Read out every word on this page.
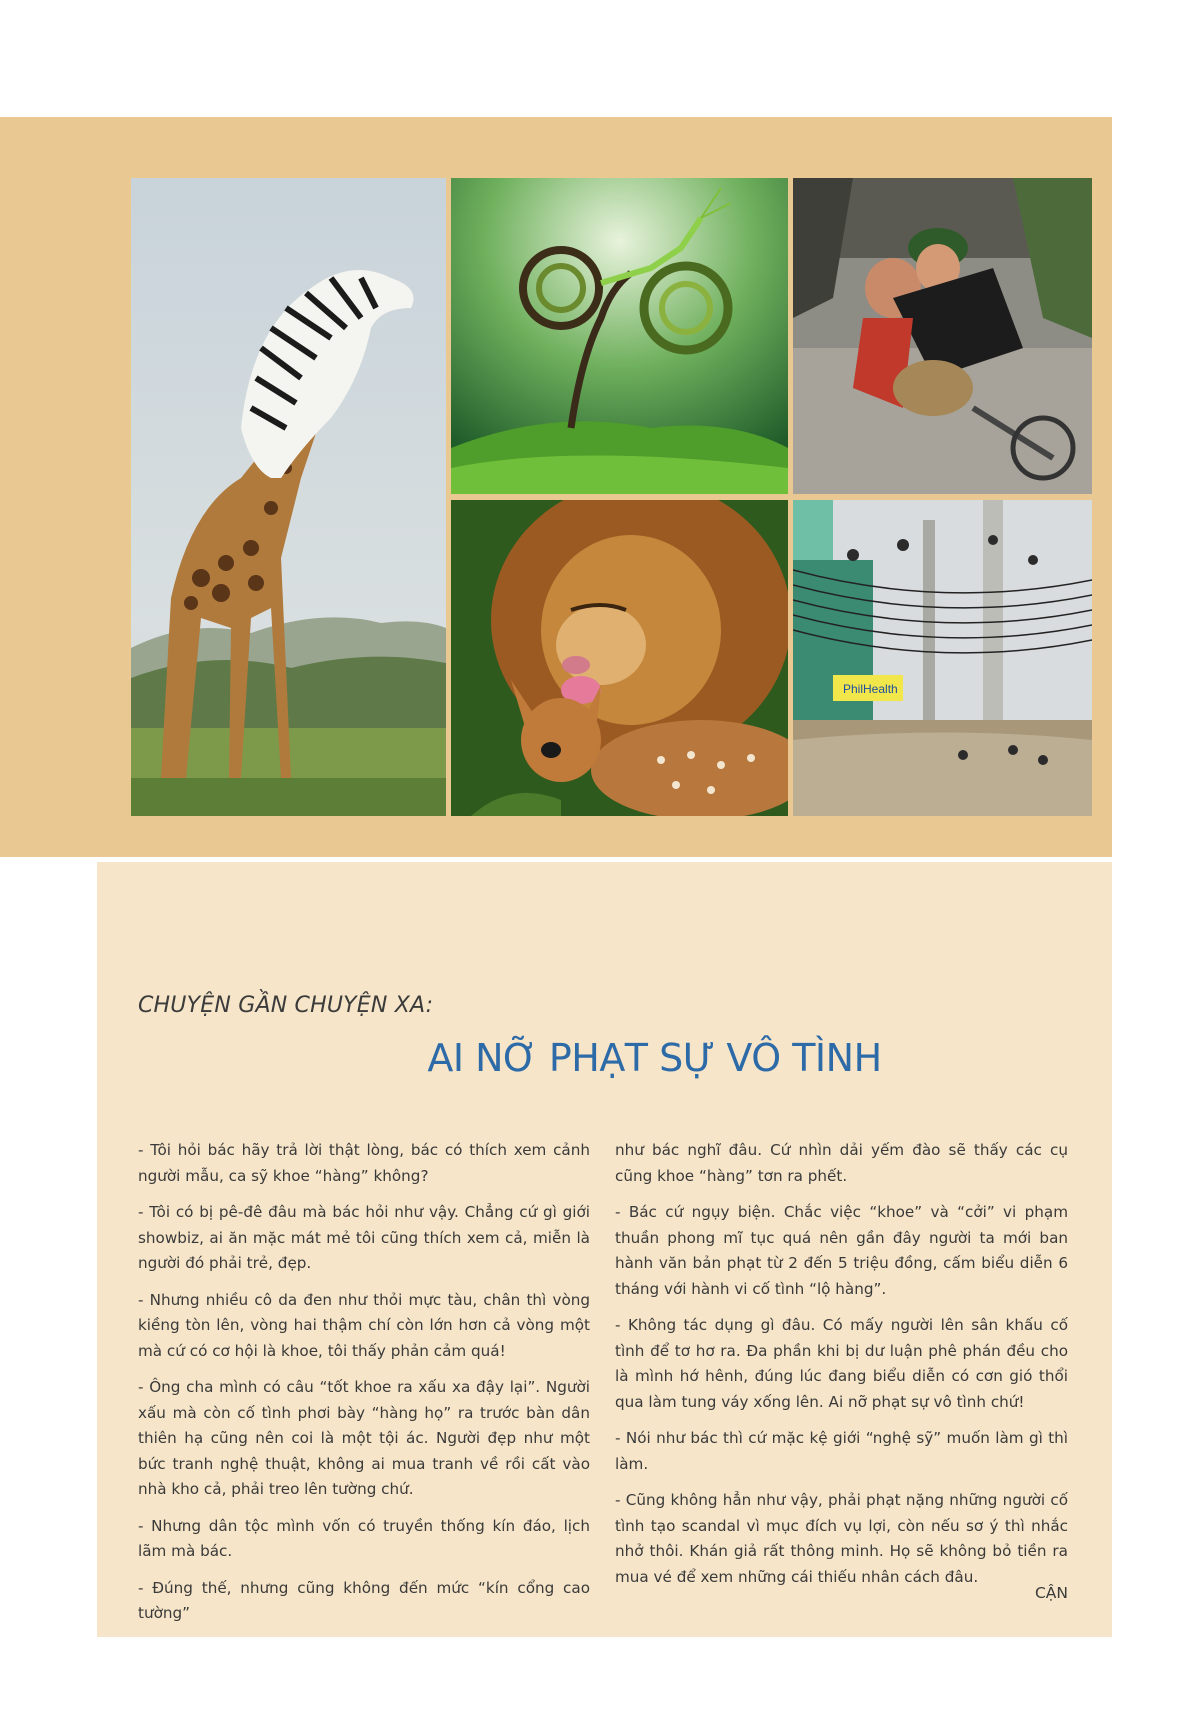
PhilHealth
CHUYỆN GẦN CHUYỆN XA:
AI NỠ PHẠT SỰ VÔ TÌNH

- Tôi hỏi bác hãy trả lời thật lòng, bác có thích xem cảnh người mẫu, ca sỹ khoe “hàng” không?

- Tôi có bị pê-đê đâu mà bác hỏi như vậy. Chẳng cứ gì giới showbiz, ai ăn mặc mát mẻ tôi cũng thích xem cả, miễn là người đó phải trẻ, đẹp.

- Nhưng nhiều cô da đen như thỏi mực tàu, chân thì vòng kiềng tòn lên, vòng hai thậm chí còn lớn hơn cả vòng một mà cứ có cơ hội là khoe, tôi thấy phản cảm quá!

- Ông cha mình có câu “tốt khoe ra xấu xa đậy lại”. Người xấu mà còn cố tình phơi bày “hàng họ” ra trước bàn dân thiên hạ cũng nên coi là một tội ác. Người đẹp như một bức tranh nghệ thuật, không ai mua tranh về rồi cất vào nhà kho cả, phải treo lên tường chứ.

- Nhưng dân tộc mình vốn có truyền thống kín đáo, lịch lãm mà bác.

- Đúng thế, nhưng cũng không đến mức “kín cổng cao tường”

như bác nghĩ đâu. Cứ nhìn dải yếm đào sẽ thấy các cụ cũng khoe “hàng” tơn ra phết.

- Bác cứ ngụy biện. Chắc việc “khoe” và “cởi” vi phạm thuần phong mĩ tục quá nên gần đây người ta mới ban hành văn bản phạt từ 2 đến 5 triệu đồng, cấm biểu diễn 6 tháng với hành vi cố tình “lộ hàng”.

- Không tác dụng gì đâu. Có mấy người lên sân khấu cố tình để tơ hơ ra. Đa phần khi bị dư luận phê phán đều cho là mình hớ hênh, đúng lúc đang biểu diễn có cơn gió thổi qua làm tung váy xống lên. Ai nỡ phạt sự vô tình chứ!

- Nói như bác thì cứ mặc kệ giới “nghệ sỹ” muốn làm gì thì làm.

- Cũng không hẳn như vậy, phải phạt nặng những người cố tình tạo scandal vì mục đích vụ lợi, còn nếu sơ ý thì nhắc nhở thôi. Khán giả rất thông minh. Họ sẽ không bỏ tiền ra mua vé để xem những cái thiếu nhân cách đâu.

CẬN
